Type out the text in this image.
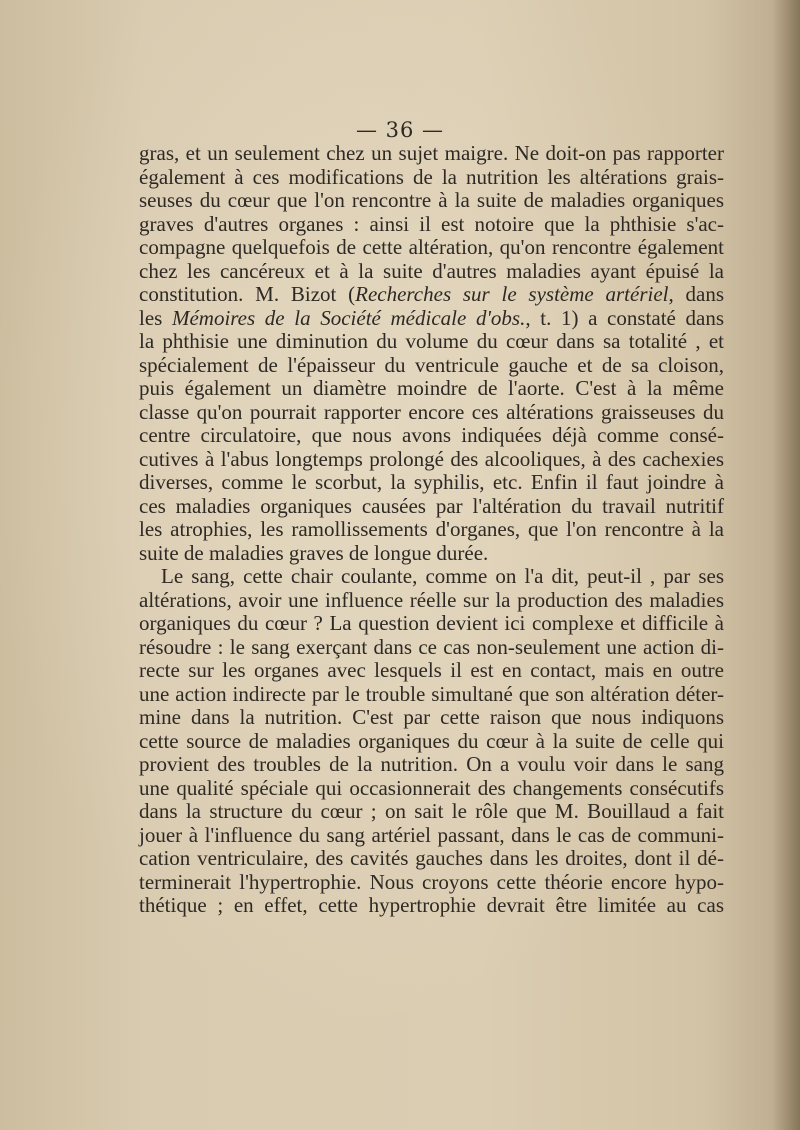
— 36 —
gras, et un seulement chez un sujet maigre. Ne doit-on pas rapporter
également à ces modifications de la nutrition les altérations grais-
seuses du cœur que l'on rencontre à la suite de maladies organiques
graves d'autres organes : ainsi il est notoire que la phthisie s'ac-
compagne quelquefois de cette altération, qu'on rencontre également
chez les cancéreux et à la suite d'autres maladies ayant épuisé la
constitution. M. Bizot (Recherches sur le système artériel, dans
les Mémoires de la Société médicale d'obs., t. 1) a constaté dans
la phthisie une diminution du volume du cœur dans sa totalité , et
spécialement de l'épaisseur du ventricule gauche et de sa cloison,
puis également un diamètre moindre de l'aorte. C'est à la même
classe qu'on pourrait rapporter encore ces altérations graisseuses du
centre circulatoire, que nous avons indiquées déjà comme consé-
cutives à l'abus longtemps prolongé des alcooliques, à des cachexies
diverses, comme le scorbut, la syphilis, etc. Enfin il faut joindre à
ces maladies organiques causées par l'altération du travail nutritif
les atrophies, les ramollissements d'organes, que l'on rencontre à la
suite de maladies graves de longue durée.
Le sang, cette chair coulante, comme on l'a dit, peut-il , par ses
altérations, avoir une influence réelle sur la production des maladies
organiques du cœur ? La question devient ici complexe et difficile à
résoudre : le sang exerçant dans ce cas non-seulement une action di-
recte sur les organes avec lesquels il est en contact, mais en outre
une action indirecte par le trouble simultané que son altération déter-
mine dans la nutrition. C'est par cette raison que nous indiquons
cette source de maladies organiques du cœur à la suite de celle qui
provient des troubles de la nutrition. On a voulu voir dans le sang
une qualité spéciale qui occasionnerait des changements consécutifs
dans la structure du cœur ; on sait le rôle que M. Bouillaud a fait
jouer à l'influence du sang artériel passant, dans le cas de communi-
cation ventriculaire, des cavités gauches dans les droites, dont il dé-
terminerait l'hypertrophie. Nous croyons cette théorie encore hypo-
thétique ; en effet, cette hypertrophie devrait être limitée au cas
